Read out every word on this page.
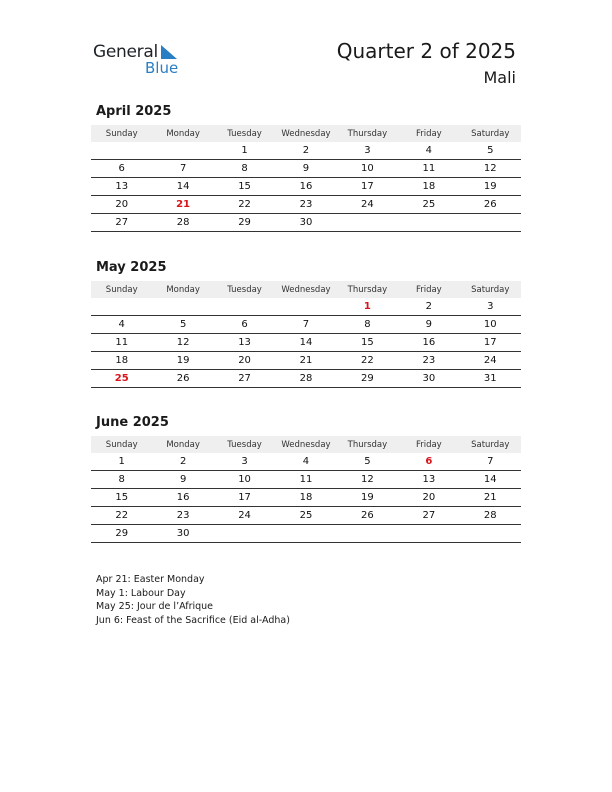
General
Blue
Quarter 2 of 2025
Mali
April 2025
Sunday	Monday	Tuesday	Wednesday	Thursday	Friday	Saturday
		1	2	3	4	5
6	7	8	9	10	11	12
13	14	15	16	17	18	19
20	21	22	23	24	25	26
27	28	29	30			
May 2025
Sunday	Monday	Tuesday	Wednesday	Thursday	Friday	Saturday
				1	2	3
4	5	6	7	8	9	10
11	12	13	14	15	16	17
18	19	20	21	22	23	24
25	26	27	28	29	30	31
June 2025
Sunday	Monday	Tuesday	Wednesday	Thursday	Friday	Saturday
1	2	3	4	5	6	7
8	9	10	11	12	13	14
15	16	17	18	19	20	21
22	23	24	25	26	27	28
29	30					
Apr 21: Easter Monday
May 1: Labour Day
May 25: Jour de l’Afrique
Jun 6: Feast of the Sacrifice (Eid al-Adha)
